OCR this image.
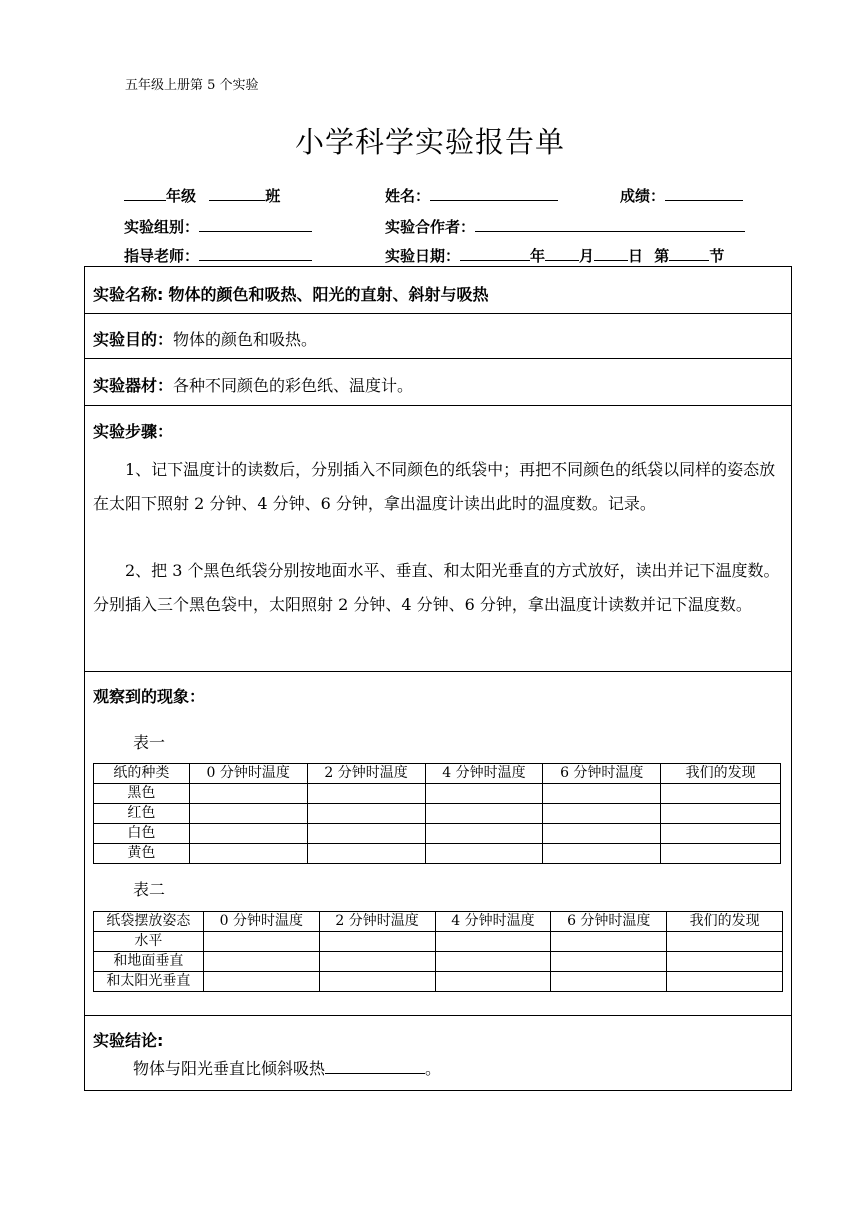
五年级上册第 5 个实验
小学科学实验报告单
年级	班	姓名：	成绩：
实验组别：	实验合作者：
指导老师：	实验日期：	年 月 日 第	节
实验名称: 物体的颜色和吸热、阳光的直射、斜射与吸热
实验目的：物体的颜色和吸热。
实验器材：各种不同颜色的彩色纸、温度计。
实验步骤：
1、记下温度计的读数后，分别插入不同颜色的纸袋中；再把不同颜色的纸袋以同样的姿态放在太阳下照射 2 分钟、4 分钟、6 分钟，拿出温度计读出此时的温度数。记录。
2、把 3 个黑色纸袋分别按地面水平、垂直、和太阳光垂直的方式放好，读出并记下温度数。分别插入三个黑色袋中，太阳照射 2 分钟、4 分钟、6 分钟，拿出温度计读数并记下温度数。
观察到的现象：
表一
纸的种类	0 分钟时温度	2 分钟时温度	4 分钟时温度	6 分钟时温度	我们的发现
黑色					
红色					
白色					
黄色					
表二
纸袋摆放姿态	0 分钟时温度	2 分钟时温度	4 分钟时温度	6 分钟时温度	我们的发现
水平					
和地面垂直					
和太阳光垂直					
实验结论:
物体与阳光垂直比倾斜吸热	。
